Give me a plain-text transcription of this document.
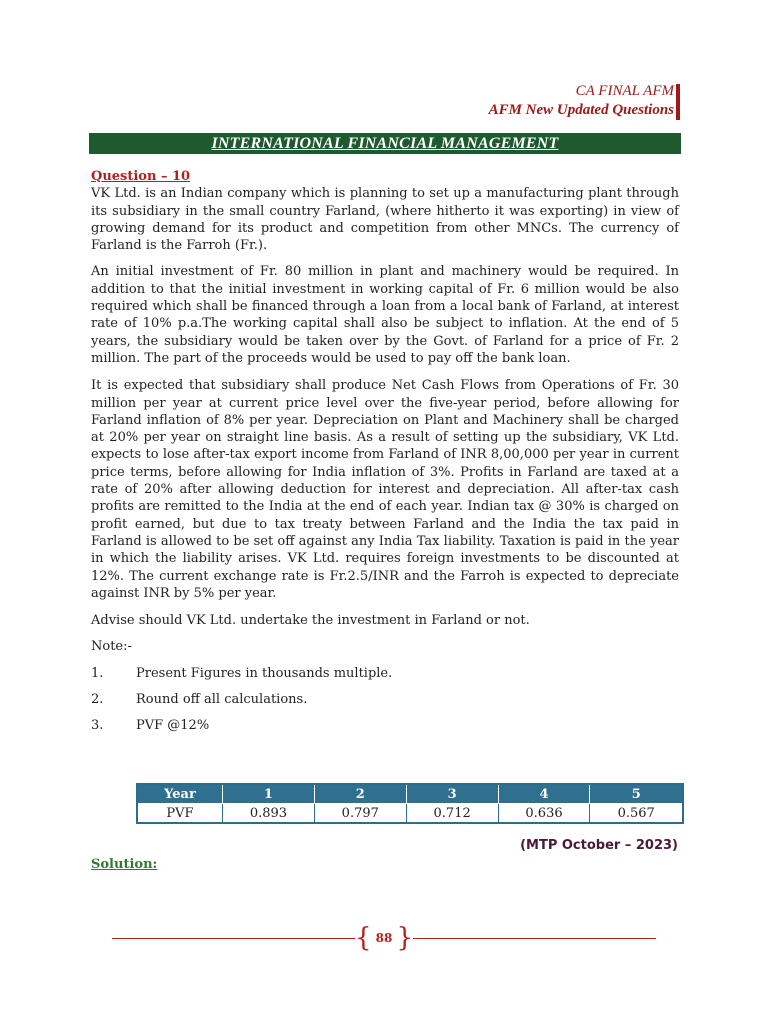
CA FINAL AFM
AFM New Updated Questions
INTERNATIONAL FINANCIAL MANAGEMENT
Question – 10

VK Ltd. is an Indian company which is planning to set up a manufacturing plant through its subsidiary in the small country Farland, (where hitherto it was exporting) in view of growing demand for its product and competition from other MNCs. The currency of Farland is the Farroh (Fr.).

An initial investment of Fr. 80 million in plant and machinery would be required. In addition to that the initial investment in working capital of Fr. 6 million would be also required which shall be financed through a loan from a local bank of Farland, at interest rate of 10% p.a.The working capital shall also be subject to inflation. At the end of 5 years, the subsidiary would be taken over by the Govt. of Farland for a price of Fr. 2 million. The part of the proceeds would be used to pay off the bank loan.

It is expected that subsidiary shall produce Net Cash Flows from Operations of Fr. 30 million per year at current price level over the five-year period, before allowing for Farland inflation of 8% per year. Depreciation on Plant and Machinery shall be charged at 20% per year on straight line basis. As a result of setting up the subsidiary, VK Ltd. expects to lose after-tax export income from Farland of INR 8,00,000 per year in current price terms, before allowing for India inflation of 3%. Profits in Farland are taxed at a rate of 20% after allowing deduction for interest and depreciation. All after-tax cash profits are remitted to the India at the end of each year. Indian tax @ 30% is charged on profit earned, but due to tax treaty between Farland and the India the tax paid in Farland is allowed to be set off against any India Tax liability. Taxation is paid in the year in which the liability arises. VK Ltd. requires foreign investments to be discounted at 12%. The current exchange rate is Fr.2.5/INR and the Farroh is expected to depreciate against INR by 5% per year.

Advise should VK Ltd. undertake the investment in Farland or not.

Note:-

1.	Present Figures in thousands multiple.
2.	Round off all calculations.
3.	PVF @12%
Year	1	2	3	4	5
PVF	0.893	0.797	0.712	0.636	0.567
(MTP October – 2023)
Solution:
{ 88 }
